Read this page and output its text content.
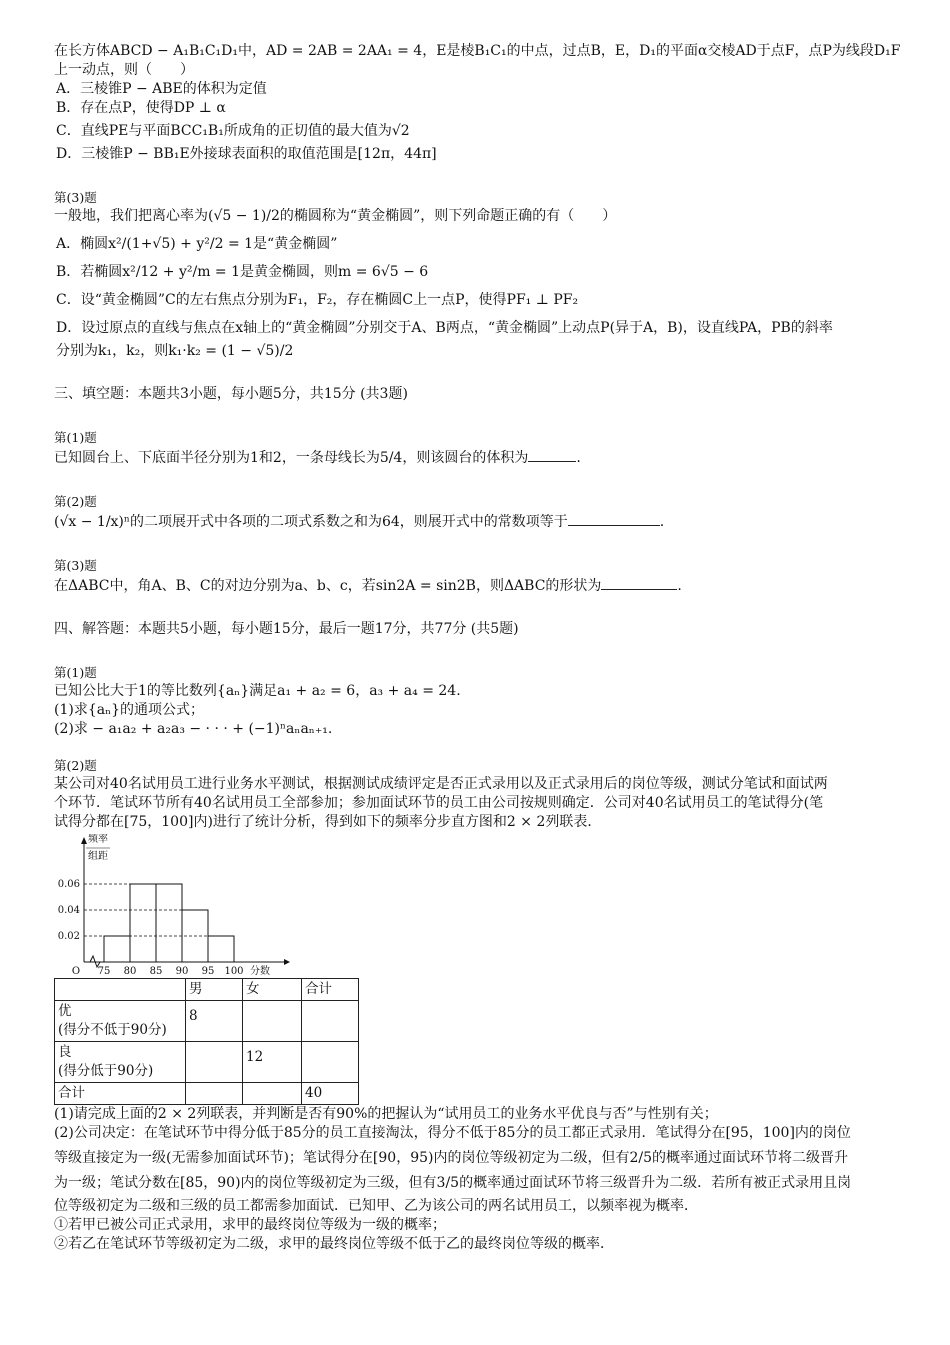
在长方体ABCD − A₁B₁C₁D₁中，AD = 2AB = 2AA₁ = 4，E是棱B₁C₁的中点，过点B，E，D₁的平面α交棱AD于点F，点P为线段D₁F
上一动点，则（　　）
A．三棱锥P − ABE的体积为定值
B．存在点P，使得DP ⊥ α
C．直线PE与平面BCC₁B₁所成角的正切值的最大值为√2
D．三棱锥P − BB₁E外接球表面积的取值范围是[12π，44π]
第(3)题
一般地，我们把离心率为(√5 − 1)/2的椭圆称为“黄金椭圆”，则下列命题正确的有（　　）
A．椭圆x²/(1+√5) + y²/2 = 1是“黄金椭圆”
B．若椭圆x²/12 + y²/m = 1是黄金椭圆，则m = 6√5 − 6
C．设“黄金椭圆”C的左右焦点分别为F₁，F₂，存在椭圆C上一点P，使得PF₁ ⊥ PF₂
D．设过原点的直线与焦点在x轴上的“黄金椭圆”分别交于A、B两点，“黄金椭圆”上动点P(异于A，B)，设直线PA，PB的斜率
分别为k₁，k₂，则k₁·k₂ = (1 − √5)/2
三、填空题：本题共3小题，每小题5分，共15分 (共3题)
第(1)题
已知圆台上、下底面半径分别为1和2，一条母线长为5/4，则该圆台的体积为	.
第(2)题
(√x − 1/x)ⁿ的二项展开式中各项的二项式系数之和为64，则展开式中的常数项等于	.
第(3)题
在ΔABC中，角A、B、C的对边分别为a、b、c，若sin2A = sin2B，则ΔABC的形状为	.
四、解答题：本题共5小题，每小题15分，最后一题17分，共77分 (共5题)
第(1)题
已知公比大于1的等比数列{aₙ}满足a₁ + a₂ = 6，a₃ + a₄ = 24.
(1)求{aₙ}的通项公式；
(2)求 − a₁a₂ + a₂a₃ − · · · + (−1)ⁿaₙaₙ₊₁.
第(2)题
某公司对40名试用员工进行业务水平测试，根据测试成绩评定是否正式录用以及正式录用后的岗位等级，测试分笔试和面试两
个环节．笔试环节所有40名试用员工全部参加；参加面试环节的员工由公司按规则确定．公司对40名试用员工的笔试得分(笔
试得分都在[75，100]内)进行了统计分析，得到如下的频率分步直方图和2 × 2列联表．
频率
组距
0.02
0.04
0.06
75 80 85 90 95 100
O	分数
	男	女	合计

优
(得分不低于90分)	8		

良
(得分低于90分)		12	
合计			40
(1)请完成上面的2 × 2列联表，并判断是否有90%的把握认为“试用员工的业务水平优良与否”与性别有关；
(2)公司决定：在笔试环节中得分低于85分的员工直接淘汰，得分不低于85分的员工都正式录用．笔试得分在[95，100]内的岗位
等级直接定为一级(无需参加面试环节)；笔试得分在[90，95)内的岗位等级初定为二级，但有2/5的概率通过面试环节将二级晋升
为一级；笔试分数在[85，90)内的岗位等级初定为三级，但有3/5的概率通过面试环节将三级晋升为二级．若所有被正式录用且岗
位等级初定为二级和三级的员工都需参加面试．已知甲、乙为该公司的两名试用员工，以频率视为概率．
①若甲已被公司正式录用，求甲的最终岗位等级为一级的概率；
②若乙在笔试环节等级初定为二级，求甲的最终岗位等级不低于乙的最终岗位等级的概率．
